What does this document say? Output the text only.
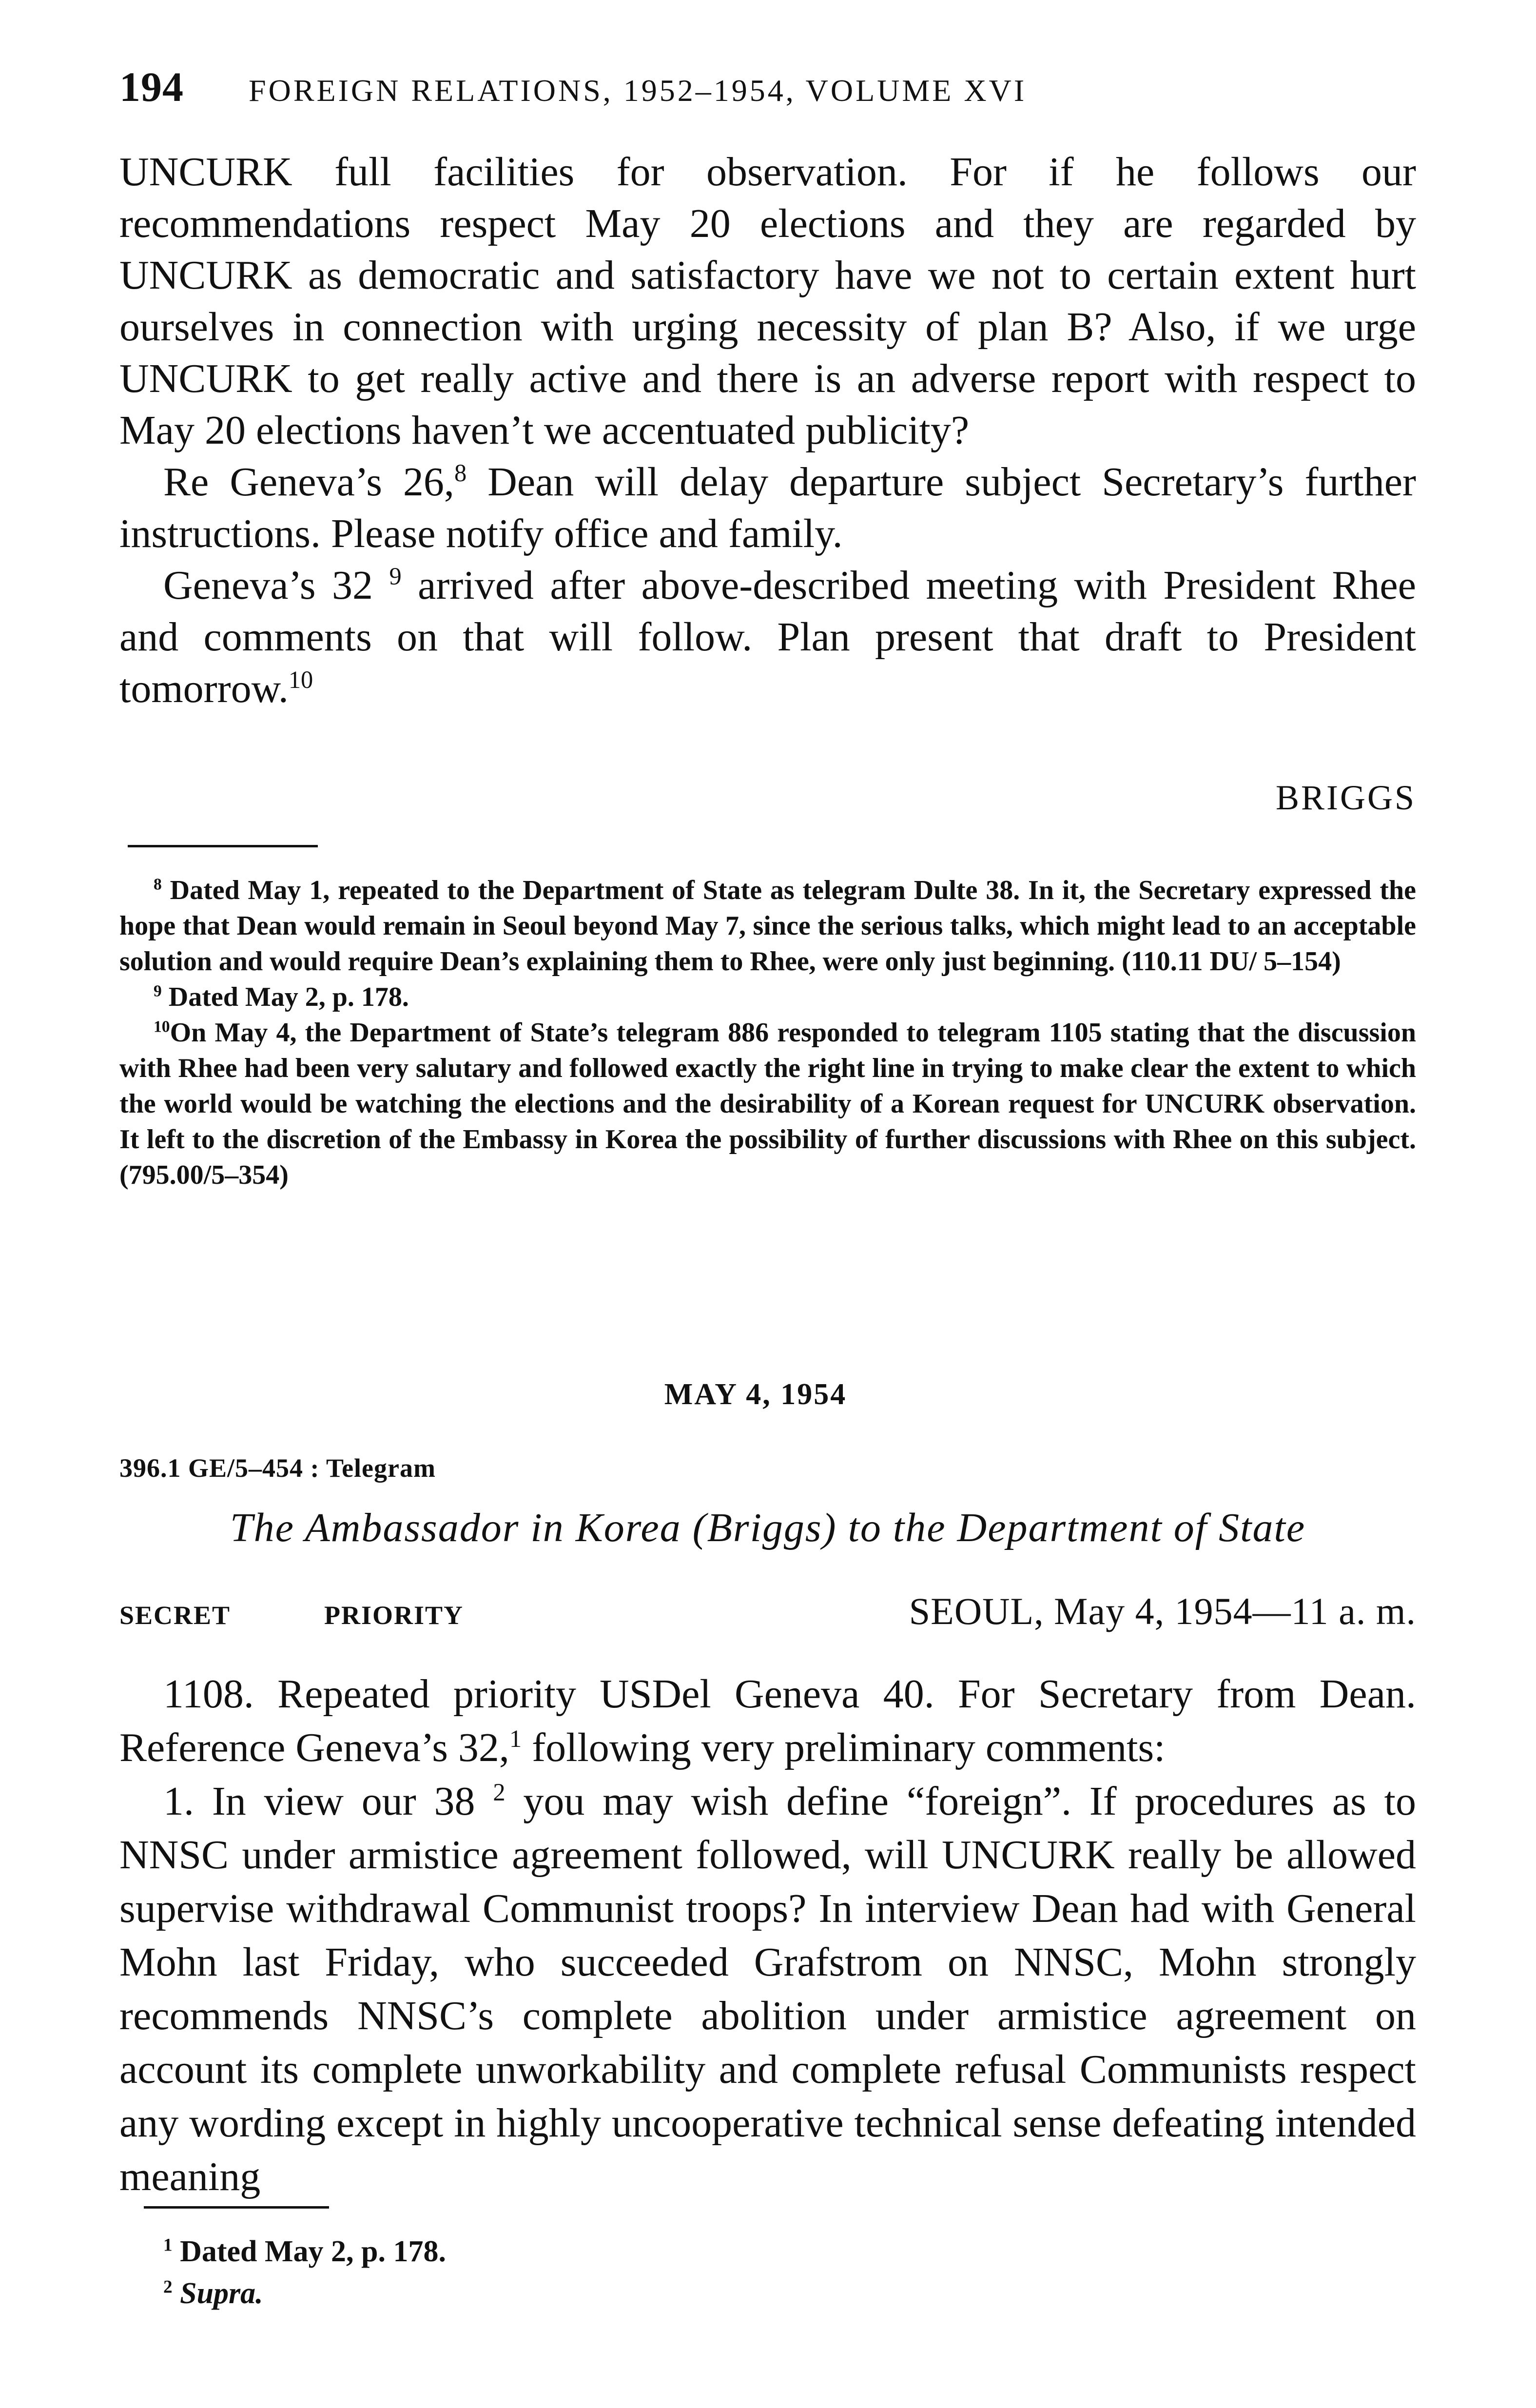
194	FOREIGN RELATIONS, 1952–1954, VOLUME XVI

UNCURK full facilities for observation. For if he follows our recommendations respect May 20 elections and they are regarded by UNCURK as democratic and satisfactory have we not to certain extent hurt ourselves in connection with urging necessity of plan B? Also, if we urge UNCURK to get really active and there is an adverse report with respect to May 20 elections haven’t we accentuated publicity?

Re Geneva’s 26,$^8$ Dean will delay departure subject Secretary’s further instructions. Please notify office and family.

Geneva’s 32 $^9$ arrived after above-described meeting with President Rhee and comments on that will follow. Plan present that draft to President tomorrow.$^{10}$

BRIGGS

$^8$ Dated May 1, repeated to the Department of State as telegram Dulte 38. In it, the Secretary expressed the hope that Dean would remain in Seoul beyond May 7, since the serious talks, which might lead to an acceptable solution and would require Dean’s explaining them to Rhee, were only just beginning. (110.11 DU/ 5–154)

$^9$ Dated May 2, p. 178.

$^{10}$On May 4, the Department of State’s telegram 886 responded to telegram 1105 stating that the discussion with Rhee had been very salutary and followed exactly the right line in trying to make clear the extent to which the world would be watching the elections and the desirability of a Korean request for UNCURK observation. It left to the discretion of the Embassy in Korea the possibility of further discussions with Rhee on this subject. (795.00/5–354)

MAY 4, 1954
396.1 GE/5–454 : Telegram
The Ambassador in Korea (Briggs) to the Department of State
SECRET	PRIORITY	SEOUL, May 4, 1954—11 a. m.

1108. Repeated priority USDel Geneva 40. For Secretary from Dean. Reference Geneva’s 32,$^1$ following very preliminary comments:

1. In view our 38 $^2$ you may wish define “foreign”. If procedures as to NNSC under armistice agreement followed, will UNCURK really be allowed supervise withdrawal Communist troops? In interview Dean had with General Mohn last Friday, who succeeded Grafstrom on NNSC, Mohn strongly recommends NNSC’s complete abolition under armistice agreement on account its complete unworkability and complete refusal Communists respect any wording except in highly uncooperative technical sense defeating intended meaning

$^1$ Dated May 2, p. 178.

$^2$ Supra.
